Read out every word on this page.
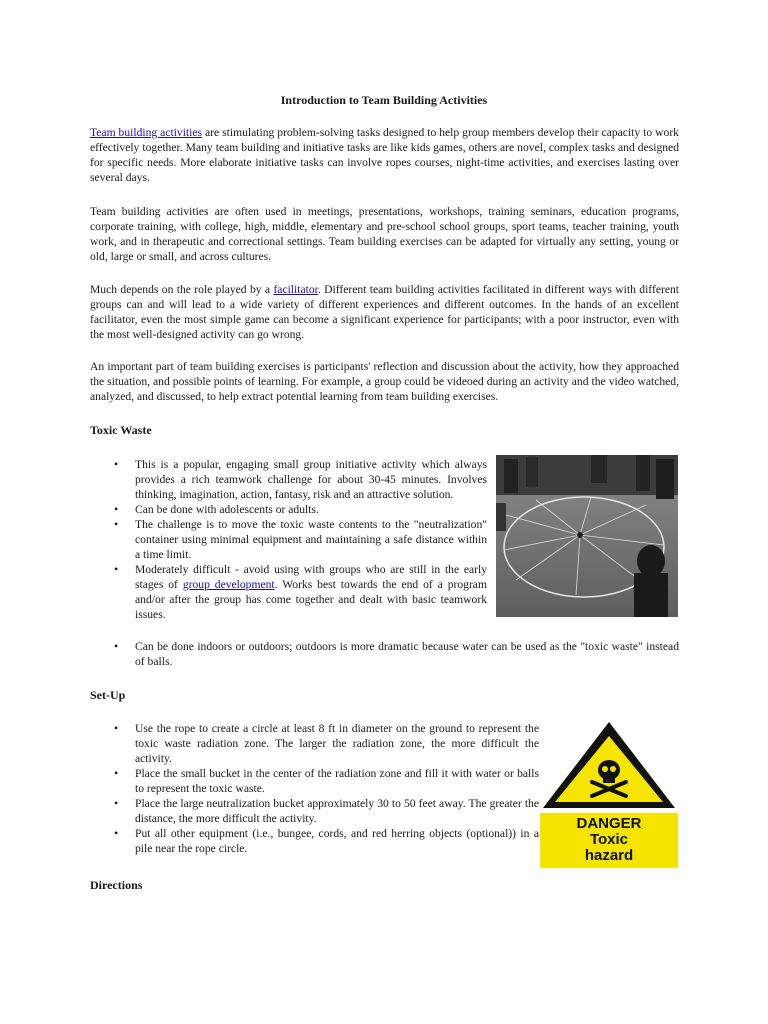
Introduction to Team Building Activities

Team building activities are stimulating problem-solving tasks designed to help group members develop their capacity to work effectively together. Many team building and initiative tasks are like kids games, others are novel, complex tasks and designed for specific needs. More elaborate initiative tasks can involve ropes courses, night-time activities, and exercises lasting over several days.

Team building activities are often used in meetings, presentations, workshops, training seminars, education programs, corporate training, with college, high, middle, elementary and pre-school school groups, sport teams, teacher training, youth work, and in therapeutic and correctional settings. Team building exercises can be adapted for virtually any setting, young or old, large or small, and across cultures.

Much depends on the role played by a facilitator. Different team building activities facilitated in different ways with different groups can and will lead to a wide variety of different experiences and different outcomes. In the hands of an excellent facilitator, even the most simple game can become a significant experience for participants; with a poor instructor, even with the most well-designed activity can go wrong.

An important part of team building exercises is participants' reflection and discussion about the activity, how they approached the situation, and possible points of learning. For example, a group could be videoed during an activity and the video watched, analyzed, and discussed, to help extract potential learning from team building exercises.

Toxic Waste
• This is a popular, engaging small group initiative activity which always provides a rich teamwork challenge for about 30-45 minutes. Involves thinking, imagination, action, fantasy, risk and an attractive solution.
• Can be done with adolescents or adults.
• The challenge is to move the toxic waste contents to the "neutralization" container using minimal equipment and maintaining a safe distance within a time limit.
• Moderately difficult - avoid using with groups who are still in the early stages of group development. Works best towards the end of a program and/or after the group has come together and dealt with basic teamwork issues.
• Can be done indoors or outdoors; outdoors is more dramatic because water can be used as the "toxic waste" instead of balls.
Set-Up
• Use the rope to create a circle at least 8 ft in diameter on the ground to represent the toxic waste radiation zone. The larger the radiation zone, the more difficult the activity.
• Place the small bucket in the center of the radiation zone and fill it with water or balls to represent the toxic waste.
• Place the large neutralization bucket approximately 30 to 50 feet away. The greater the distance, the more difficult the activity.
• Put all other equipment (i.e., bungee, cords, and red herring objects (optional)) in a pile near the rope circle.
DANGER
Toxic
hazard
Directions
